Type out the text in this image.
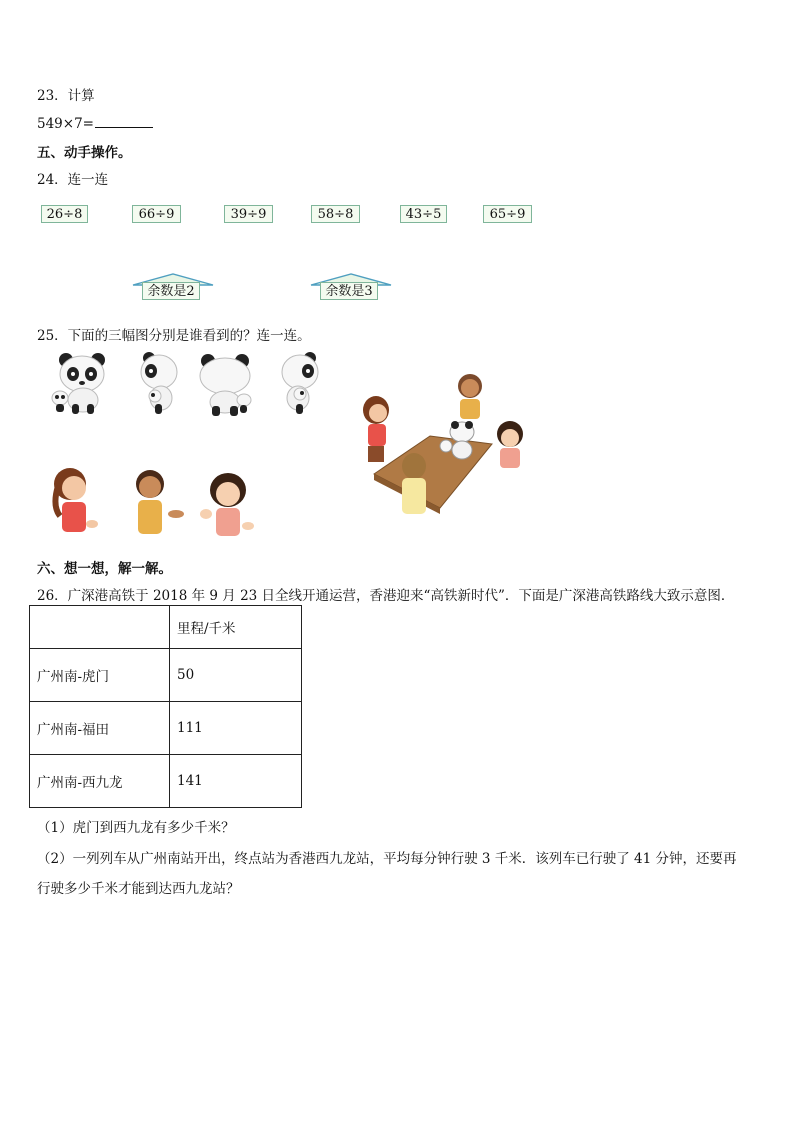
23．计算
549×7=
五、动手操作。
24．连一连
26÷8	66÷9	39÷9	58÷8	43÷5	65÷9
余数是2	余数是3
25．下面的三幅图分别是谁看到的？连一连。
六、想一想，解一解。
26．广深港高铁于 2018 年 9 月 23 日全线开通运营，香港迎来“高铁新时代”．下面是广深港高铁路线大致示意图．
	里程/千米
广州南-虎门	50
广州南-福田	111
广州南-西九龙	141
（1）虎门到西九龙有多少千米？
（2）一列列车从广州南站开出，终点站为香港西九龙站，平均每分钟行驶 3 千米．该列车已行驶了 41 分钟，还要再
行驶多少千米才能到达西九龙站？
